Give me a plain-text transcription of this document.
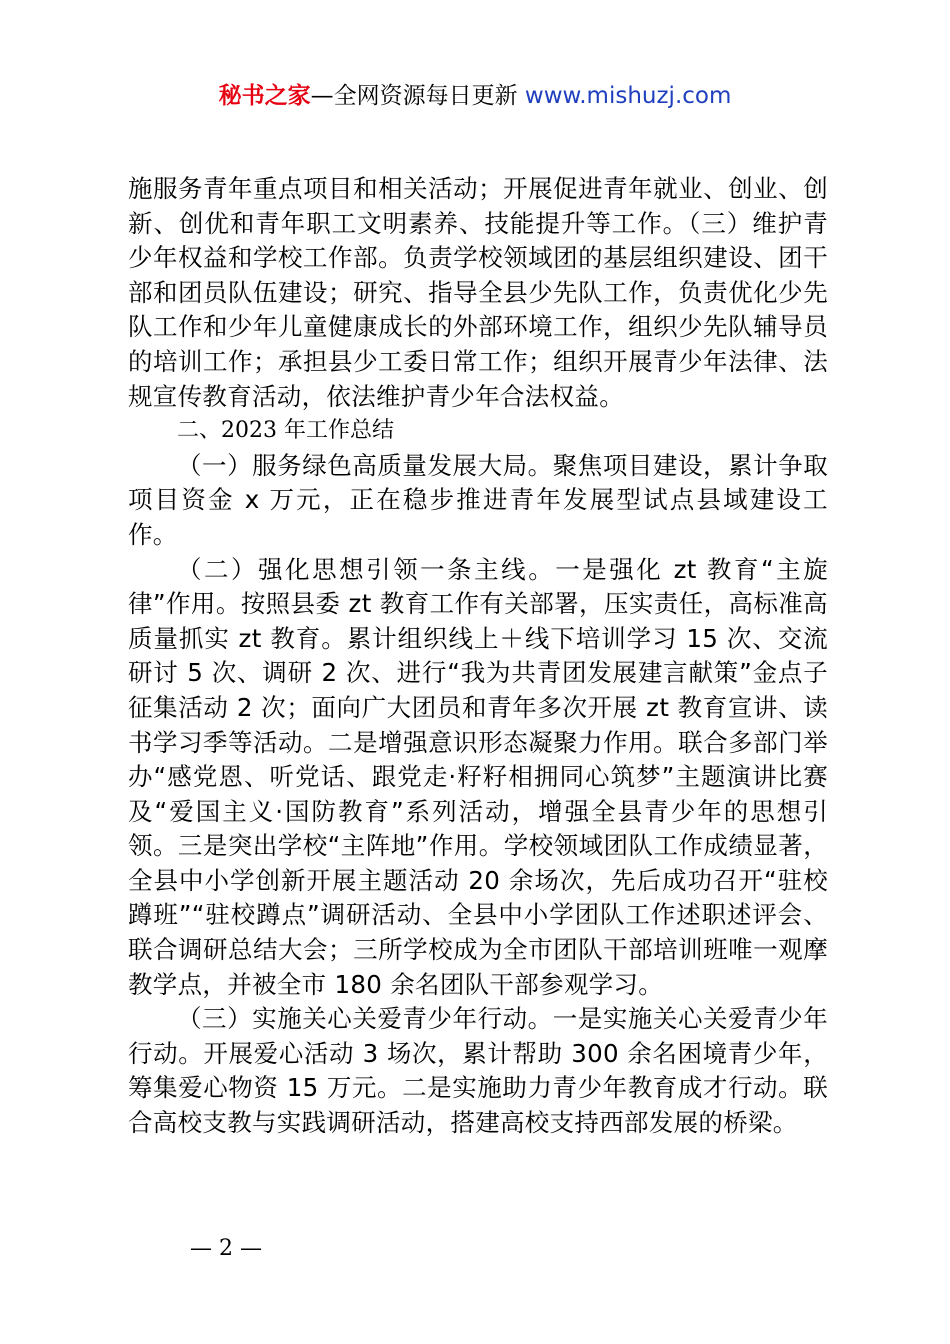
秘书之家—全网资源每日更新 www.mishuzj.com

施服务青年重点项目和相关活动；开展促进青年就业、创业、创新、创优和青年职工文明素养、技能提升等工作。（三）维护青少年权益和学校工作部。负责学校领域团的基层组织建设、团干部和团员队伍建设；研究、指导全县少先队工作，负责优化少先队工作和少年儿童健康成长的外部环境工作，组织少先队辅导员的培训工作；承担县少工委日常工作；组织开展青少年法律、法规宣传教育活动，依法维护青少年合法权益。

二、2023 年工作总结

（一）服务绿色高质量发展大局。聚焦项目建设，累计争取项目资金 x 万元，正在稳步推进青年发展型试点县域建设工作。

（二）强化思想引领一条主线。一是强化 zt 教育“主旋律”作用。按照县委 zt 教育工作有关部署，压实责任，高标准高质量抓实 zt 教育。累计组织线上＋线下培训学习 15 次、交流研讨 5 次、调研 2 次、进行“我为共青团发展建言献策”金点子征集活动 2 次；面向广大团员和青年多次开展 zt 教育宣讲、读书学习季等活动。二是增强意识形态凝聚力作用。联合多部门举办“感党恩、听党话、跟党走·籽籽相拥同心筑梦”主题演讲比赛及“爱国主义·国防教育”系列活动，增强全县青少年的思想引领。三是突出学校“主阵地”作用。学校领域团队工作成绩显著，全县中小学创新开展主题活动 20 余场次，先后成功召开“驻校蹲班”“驻校蹲点”调研活动、全县中小学团队工作述职述评会、联合调研总结大会；三所学校成为全市团队干部培训班唯一观摩教学点，并被全市 180 余名团队干部参观学习。

（三）实施关心关爱青少年行动。一是实施关心关爱青少年行动。开展爱心活动 3 场次，累计帮助 300 余名困境青少年，筹集爱心物资 15 万元。二是实施助力青少年教育成才行动。联合高校支教与实践调研活动，搭建高校支持西部发展的桥梁。

— 2 —
